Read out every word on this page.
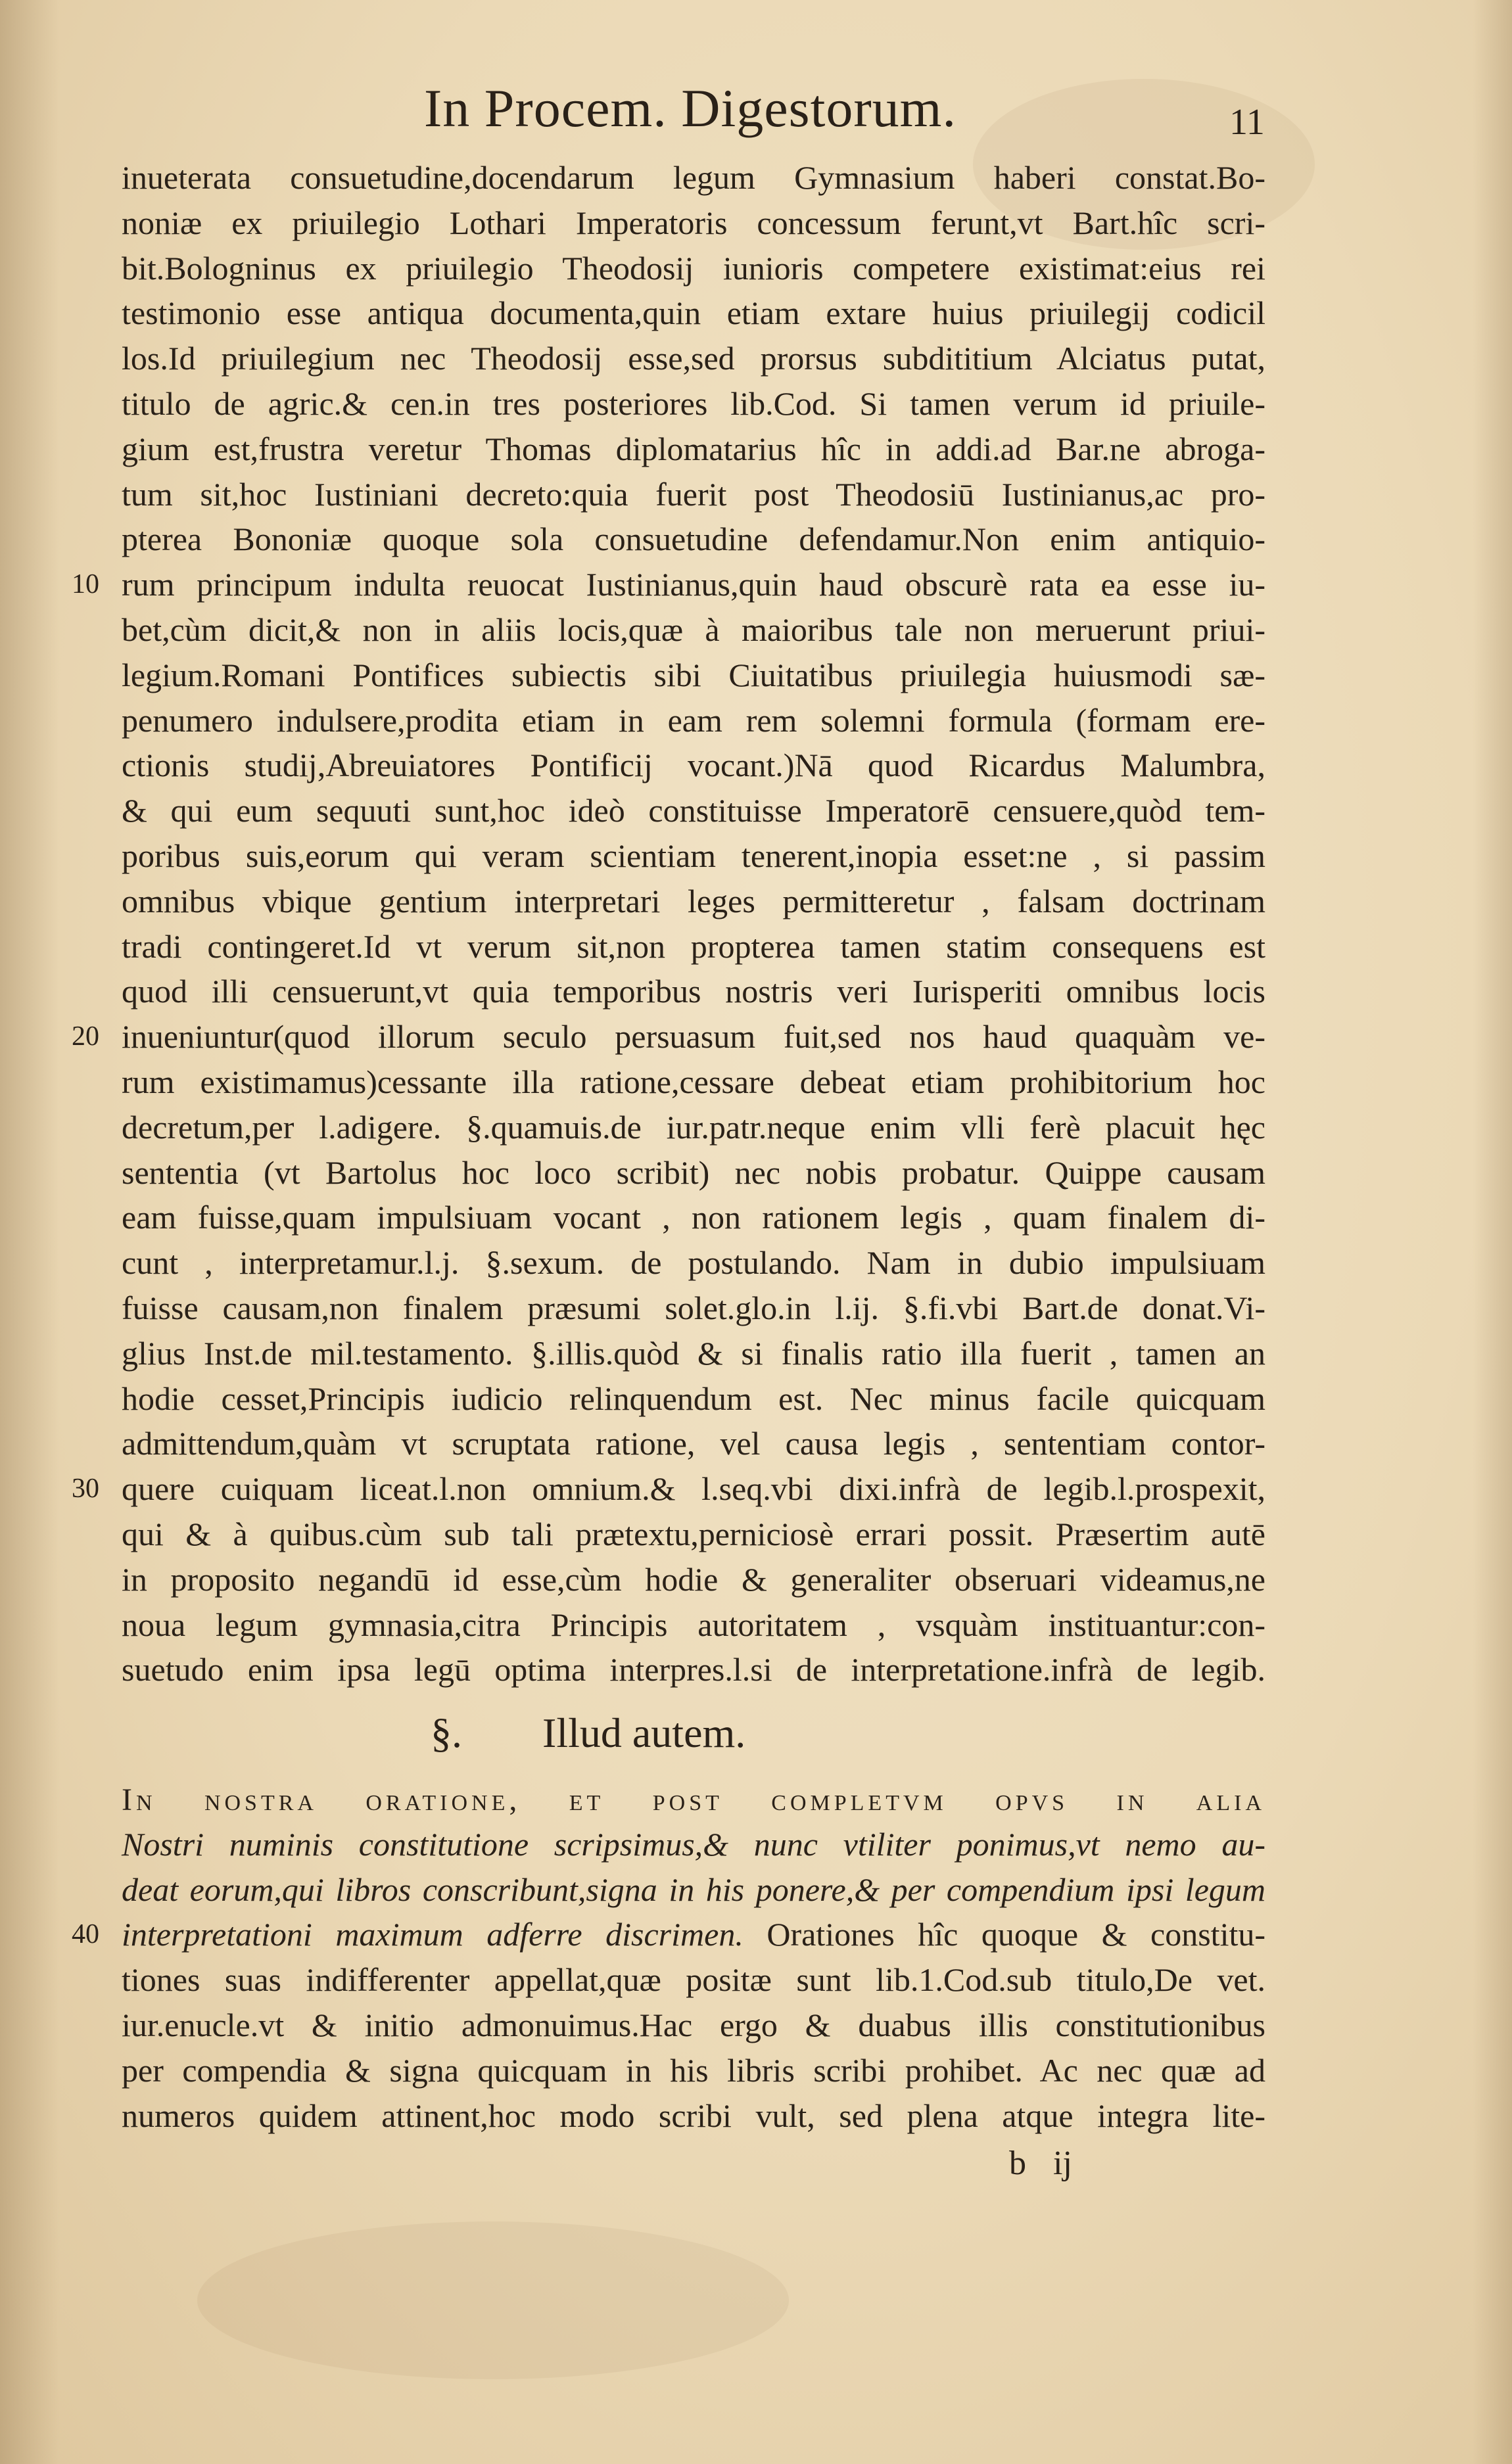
In Procem. Digestorum.	11
inueterata consuetudine,docendarum legum Gymnasium haberi constat.Bo-
noniæ ex priuilegio Lothari Imperatoris concessum ferunt,vt Bart.hîc scri-
bit.Bologninus ex priuilegio Theodosij iunioris competere existimat:eius rei
testimonio esse antiqua documenta,quin etiam extare huius priuilegij codicil
los.Id priuilegium nec Theodosij esse,sed prorsus subdititium Alciatus putat,
titulo de agric.& cen.in tres posteriores lib.Cod. Si tamen verum id priuile-
gium est,frustra veretur Thomas diplomatarius hîc in addi.ad Bar.ne abroga-
tum sit,hoc Iustiniani decreto:quia fuerit post Theodosiū Iustinianus,ac pro-
pterea Bononiæ quoque sola consuetudine defendamur.Non enim antiquio-
10 rum principum indulta reuocat Iustinianus,quin haud obscurè rata ea esse iu-
bet,cùm dicit,& non in aliis locis,quæ à maioribus tale non meruerunt priui-
legium.Romani Pontifices subiectis sibi Ciuitatibus priuilegia huiusmodi sæ-
penumero indulsere,prodita etiam in eam rem solemni formula (formam ere-
ctionis studij,Abreuiatores Pontificij vocant.)Nā quod Ricardus Malumbra,
& qui eum sequuti sunt,hoc ideò constituisse Imperatorē censuere,quòd tem-
poribus suis,eorum qui veram scientiam tenerent,inopia esset:ne , si passim
omnibus vbique gentium interpretari leges permitteretur , falsam doctrinam
tradi contingeret.Id vt verum sit,non propterea tamen statim consequens est
quod illi censuerunt,vt quia temporibus nostris veri Iurisperiti omnibus locis
20 inueniuntur(quod illorum seculo persuasum fuit,sed nos haud quaquàm ve-
rum existimamus)cessante illa ratione,cessare debeat etiam prohibitorium hoc
decretum,per l.adigere. §.quamuis.de iur.patr.neque enim vlli ferè placuit hęc
sententia (vt Bartolus hoc loco scribit) nec nobis probatur. Quippe causam
eam fuisse,quam impulsiuam vocant , non rationem legis , quam finalem di-
cunt , interpretamur.l.j. §.sexum. de postulando. Nam in dubio impulsiuam
fuisse causam,non finalem præsumi solet.glo.in l.ij. §.fi.vbi Bart.de donat.Vi-
glius Inst.de mil.testamento. §.illis.quòd & si finalis ratio illa fuerit , tamen an
hodie cesset,Principis iudicio relinquendum est. Nec minus facile quicquam
admittendum,quàm vt scruptata ratione, vel causa legis , sententiam contor-
30 quere cuiquam liceat.l.non omnium.& l.seq.vbi dixi.infrà de legib.l.prospexit,
qui & à quibus.cùm sub tali prætextu,perniciosè errari possit. Præsertim autē
in proposito negandū id esse,cùm hodie & generaliter obseruari videamus,ne
noua legum gymnasia,citra Principis autoritatem , vsquàm instituantur:con-
suetudo enim ipsa legū optima interpres.l.si de interpretatione.infrà de legib.
§. Illud autem.
In nostra oratione, et post completvm opvs in alia
Nostri numinis constitutione scripsimus,& nunc vtiliter ponimus,vt nemo au-
deat eorum,qui libros conscribunt,signa in his ponere,& per compendium ipsi legum
40 interpretationi maximum adferre discrimen. Orationes hîc quoque & constitu-
tiones suas indifferenter appellat,quæ positæ sunt lib.1.Cod.sub titulo,De vet.
iur.enucle.vt & initio admonuimus.Hac ergo & duabus illis constitutionibus
per compendia & signa quicquam in his libris scribi prohibet. Ac nec quæ ad
numeros quidem attinent,hoc modo scribi vult, sed plena atque integra lite-
b ij
